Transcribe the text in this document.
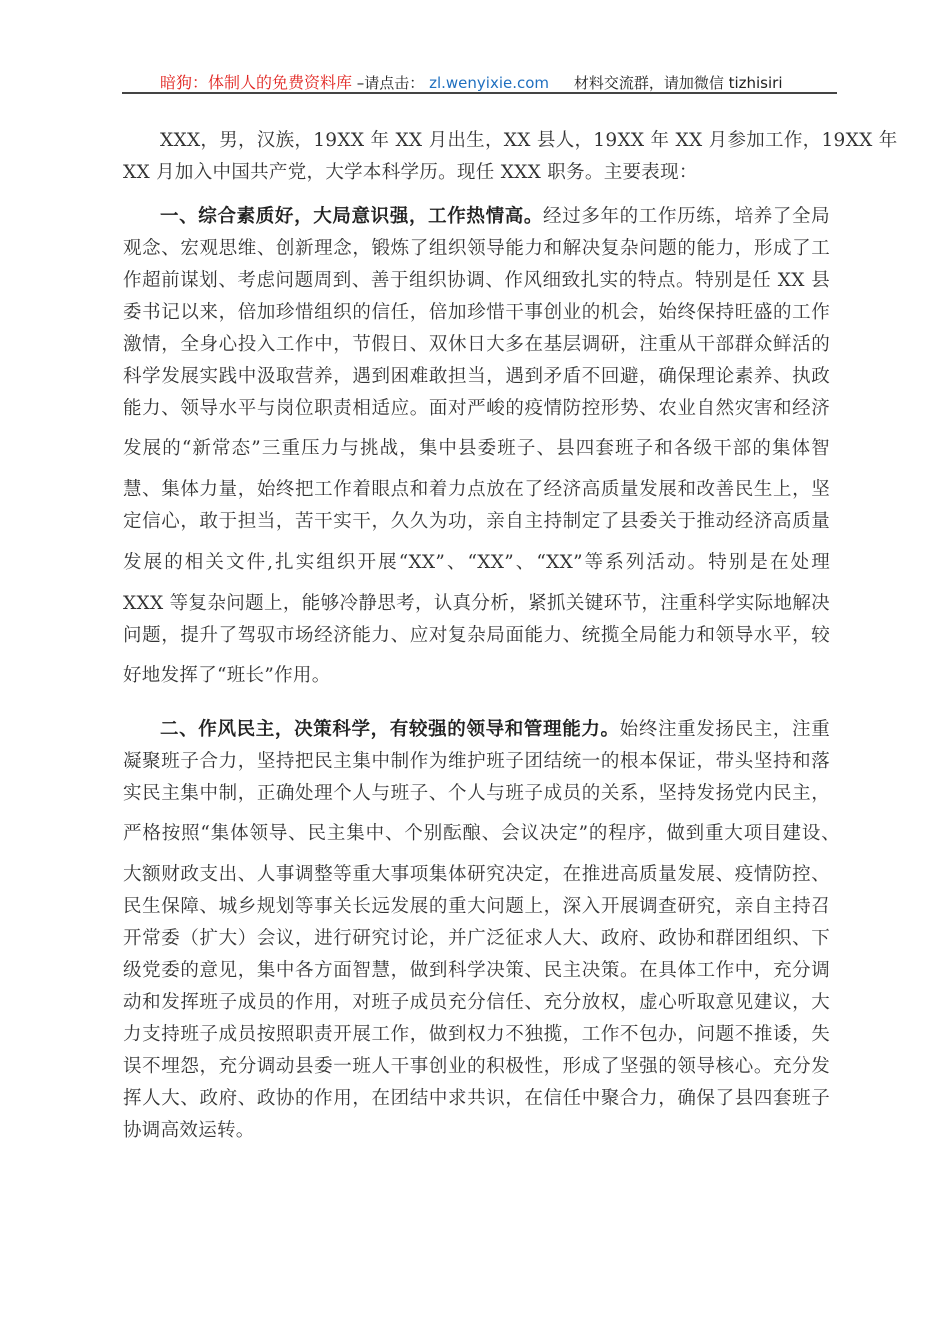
暗狗：体制人的免费资料库 –请点击： zl.wenyixie.com 材料交流群，请加微信 tizhisiri
XXX，男，汉族，19XX 年 XX 月出生，XX 县人，19XX 年 XX 月参加工作，19XX 年
XX 月加入中国共产党，大学本科学历。现任 XXX 职务。主要表现：
一、综合素质好，大局意识强，工作热情高。经过多年的工作历练，培养了全局
二、作风民主，决策科学，有较强的领导和管理能力。始终注重发扬民主，注重
观念、宏观思维、创新理念，锻炼了组织领导能力和解决复杂问题的能力，形成了工
作超前谋划、考虑问题周到、善于组织协调、作风细致扎实的特点。特别是任 XX 县
委书记以来，倍加珍惜组织的信任，倍加珍惜干事创业的机会，始终保持旺盛的工作
激情，全身心投入工作中，节假日、双休日大多在基层调研，注重从干部群众鲜活的
科学发展实践中汲取营养，遇到困难敢担当，遇到矛盾不回避，确保理论素养、执政
能力、领导水平与岗位职责相适应。面对严峻的疫情防控形势、农业自然灾害和经济
发展的“新常态”三重压力与挑战，集中县委班子、县四套班子和各级干部的集体智
慧、集体力量，始终把工作着眼点和着力点放在了经济高质量发展和改善民生上，坚
定信心，敢于担当，苦干实干，久久为功，亲自主持制定了县委关于推动经济高质量
发展的相关文件,扎实组织开展“XX”、“XX”、“XX”等系列活动。特别是在处理
XXX 等复杂问题上，能够冷静思考，认真分析，紧抓关键环节，注重科学实际地解决
问题，提升了驾驭市场经济能力、应对复杂局面能力、统揽全局能力和领导水平，较
好地发挥了“班长”作用。
凝聚班子合力，坚持把民主集中制作为维护班子团结统一的根本保证，带头坚持和落
实民主集中制，正确处理个人与班子、个人与班子成员的关系，坚持发扬党内民主，
严格按照“集体领导、民主集中、个别酝酿、会议决定”的程序，做到重大项目建设、
大额财政支出、人事调整等重大事项集体研究决定，在推进高质量发展、疫情防控、
民生保障、城乡规划等事关长远发展的重大问题上，深入开展调查研究，亲自主持召
开常委（扩大）会议，进行研究讨论，并广泛征求人大、政府、政协和群团组织、下
级党委的意见，集中各方面智慧，做到科学决策、民主决策。在具体工作中，充分调
动和发挥班子成员的作用，对班子成员充分信任、充分放权，虚心听取意见建议，大
力支持班子成员按照职责开展工作，做到权力不独揽，工作不包办，问题不推诿，失
误不埋怨，充分调动县委一班人干事创业的积极性，形成了坚强的领导核心。充分发
挥人大、政府、政协的作用，在团结中求共识，在信任中聚合力，确保了县四套班子
协调高效运转。
